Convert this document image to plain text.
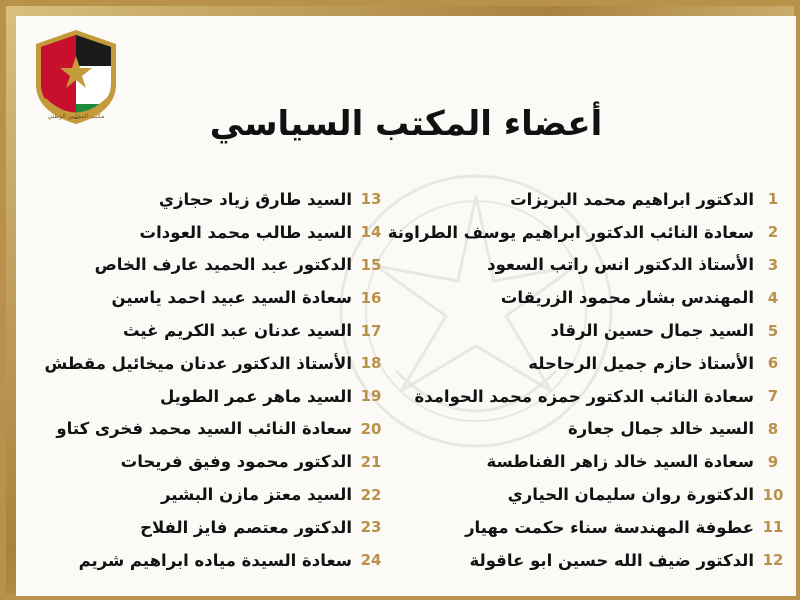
مكتب المجلس الوطني	أعضاء المكتب السياسي
1
الدكتور ابراهيم محمد البريزات
2
سعادة النائب الدكتور ابراهيم يوسف الطراونة
3
الأستاذ الدكتور انس راتب السعود
4
المهندس بشار محمود الزريقات
5
السيد جمال حسين الرقاد
6
الأستاذ حازم جميل الرحاحله
7
سعادة النائب الدكتور حمزه محمد الحوامدة
8
السيد خالد جمال جعارة
9
سعادة السيد خالد زاهر الفناطسة
10
الدكتورة روان سليمان الحياري
11
عطوفة المهندسة سناء حكمت مهيار
12
الدكتور ضيف الله حسين ابو عاقولة
13
السيد طارق زياد حجازي
14
السيد طالب محمد العودات
15
الدكتور عبد الحميد عارف الخاص
16
سعادة السيد عبيد احمد ياسين
17
السيد عدنان عبد الكريم غيث
18
الأستاذ الدكتور عدنان ميخائيل مقطش
19
السيد ماهر عمر الطويل
20
سعادة النائب السيد محمد فخرى كتاو
21
الدكتور محمود وفيق فريحات
22
السيد معتز مازن البشير
23
الدكتور معتصم فايز الفلاح
24
سعادة السيدة مياده ابراهيم شريم
